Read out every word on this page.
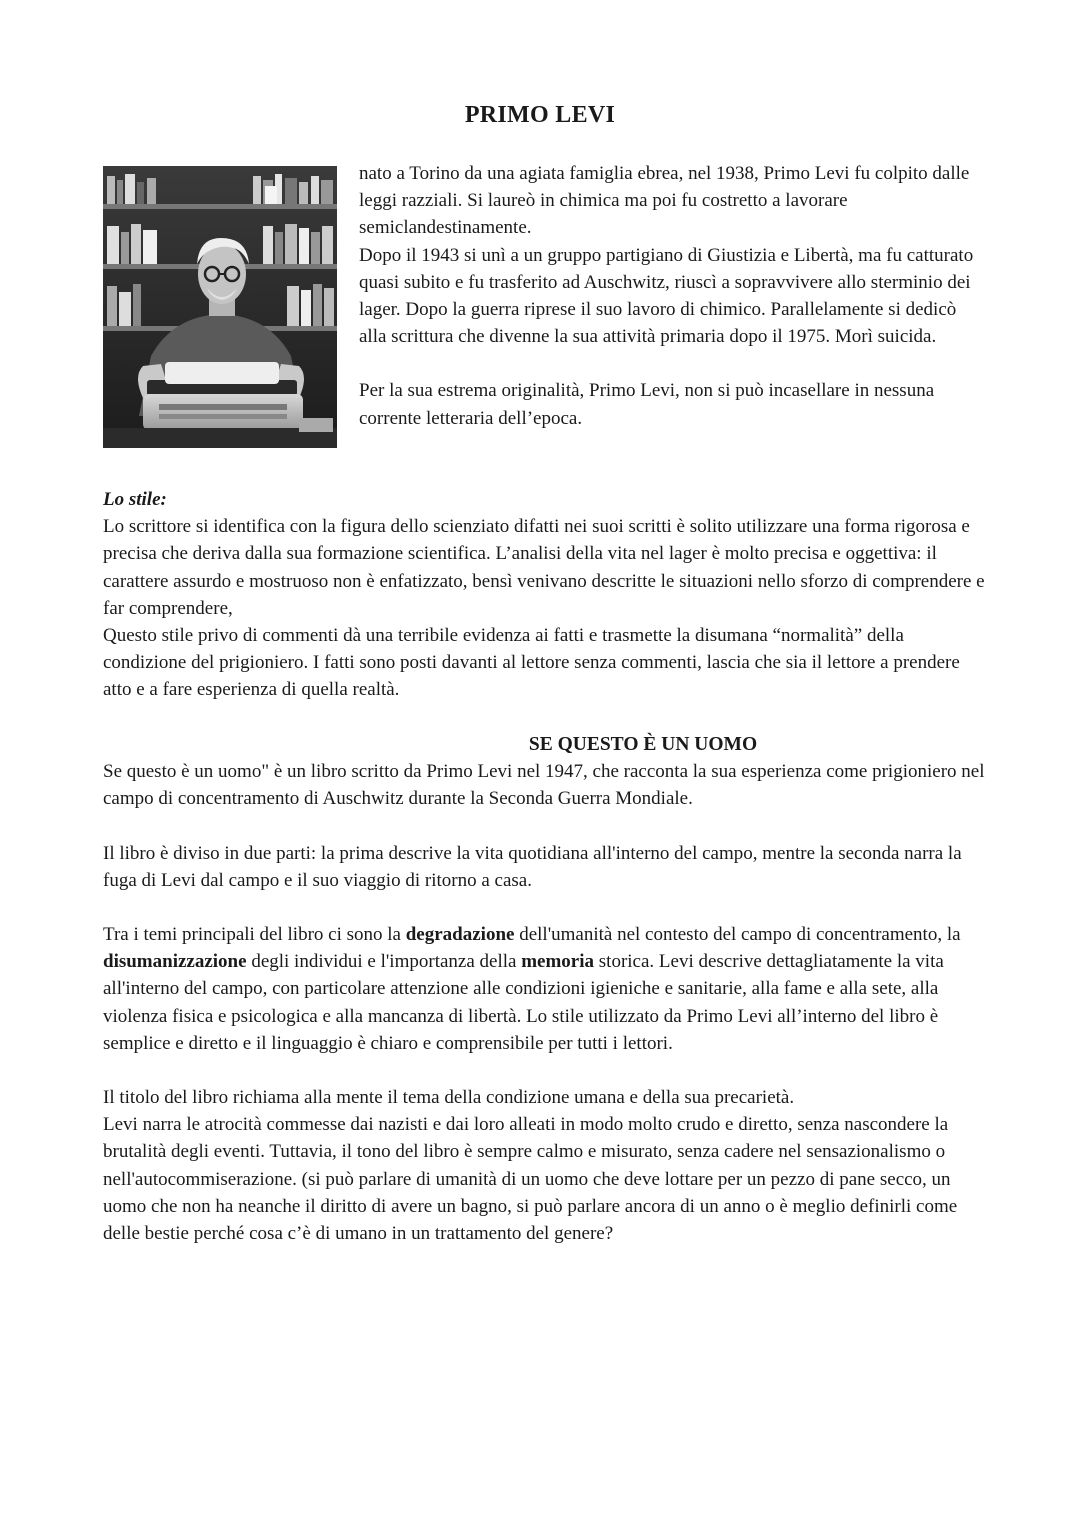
PRIMO LEVI

nato a Torino da una agiata famiglia ebrea, nel 1938, Primo Levi fu colpito dalle leggi razziali. Si laureò in chimica ma poi fu costretto a lavorare semiclandestinamente.

Dopo il 1943 si unì a un gruppo partigiano di Giustizia e Libertà, ma fu catturato quasi subito e fu trasferito ad Auschwitz, riuscì a sopravvivere allo sterminio dei lager. Dopo la guerra riprese il suo lavoro di chimico. Parallelamente si dedicò alla scrittura che divenne la sua attività primaria dopo il 1975. Morì suicida.

Per la sua estrema originalità, Primo Levi, non si può incasellare in nessuna corrente letteraria dell’epoca.

Lo stile:

Lo scrittore si identifica con la figura dello scienziato difatti nei suoi scritti è solito utilizzare una forma rigorosa e precisa che deriva dalla sua formazione scientifica. L’analisi della vita nel lager è molto precisa e oggettiva: il carattere assurdo e mostruoso non è enfatizzato, bensì venivano descritte le situazioni nello sforzo di comprendere e far comprendere,

Questo stile privo di commenti dà una terribile evidenza ai fatti e trasmette la disumana “normalità” della condizione del prigioniero. I fatti sono posti davanti al lettore senza commenti, lascia che sia il lettore a prendere atto e a fare esperienza di quella realtà.

SE QUESTO È UN UOMO

Se questo è un uomo" è un libro scritto da Primo Levi nel 1947, che racconta la sua esperienza come prigioniero nel campo di concentramento di Auschwitz durante la Seconda Guerra Mondiale.

Il libro è diviso in due parti: la prima descrive la vita quotidiana all'interno del campo, mentre la seconda narra la fuga di Levi dal campo e il suo viaggio di ritorno a casa.

Tra i temi principali del libro ci sono la degradazione dell'umanità nel contesto del campo di concentramento, la disumanizzazione degli individui e l'importanza della memoria storica. Levi descrive dettagliatamente la vita all'interno del campo, con particolare attenzione alle condizioni igieniche e sanitarie, alla fame e alla sete, alla violenza fisica e psicologica e alla mancanza di libertà. Lo stile utilizzato da Primo Levi all’interno del libro è semplice e diretto e il linguaggio è chiaro e comprensibile per tutti i lettori.

Il titolo del libro richiama alla mente il tema della condizione umana e della sua precarietà.

Levi narra le atrocità commesse dai nazisti e dai loro alleati in modo molto crudo e diretto, senza nascondere la brutalità degli eventi. Tuttavia, il tono del libro è sempre calmo e misurato, senza cadere nel sensazionalismo o nell'autocommiserazione. (si può parlare di umanità di un uomo che deve lottare per un pezzo di pane secco, un uomo che non ha neanche il diritto di avere un bagno, si può parlare ancora di un anno o è meglio definirli come delle bestie perché cosa c’è di umano in un trattamento del genere?
